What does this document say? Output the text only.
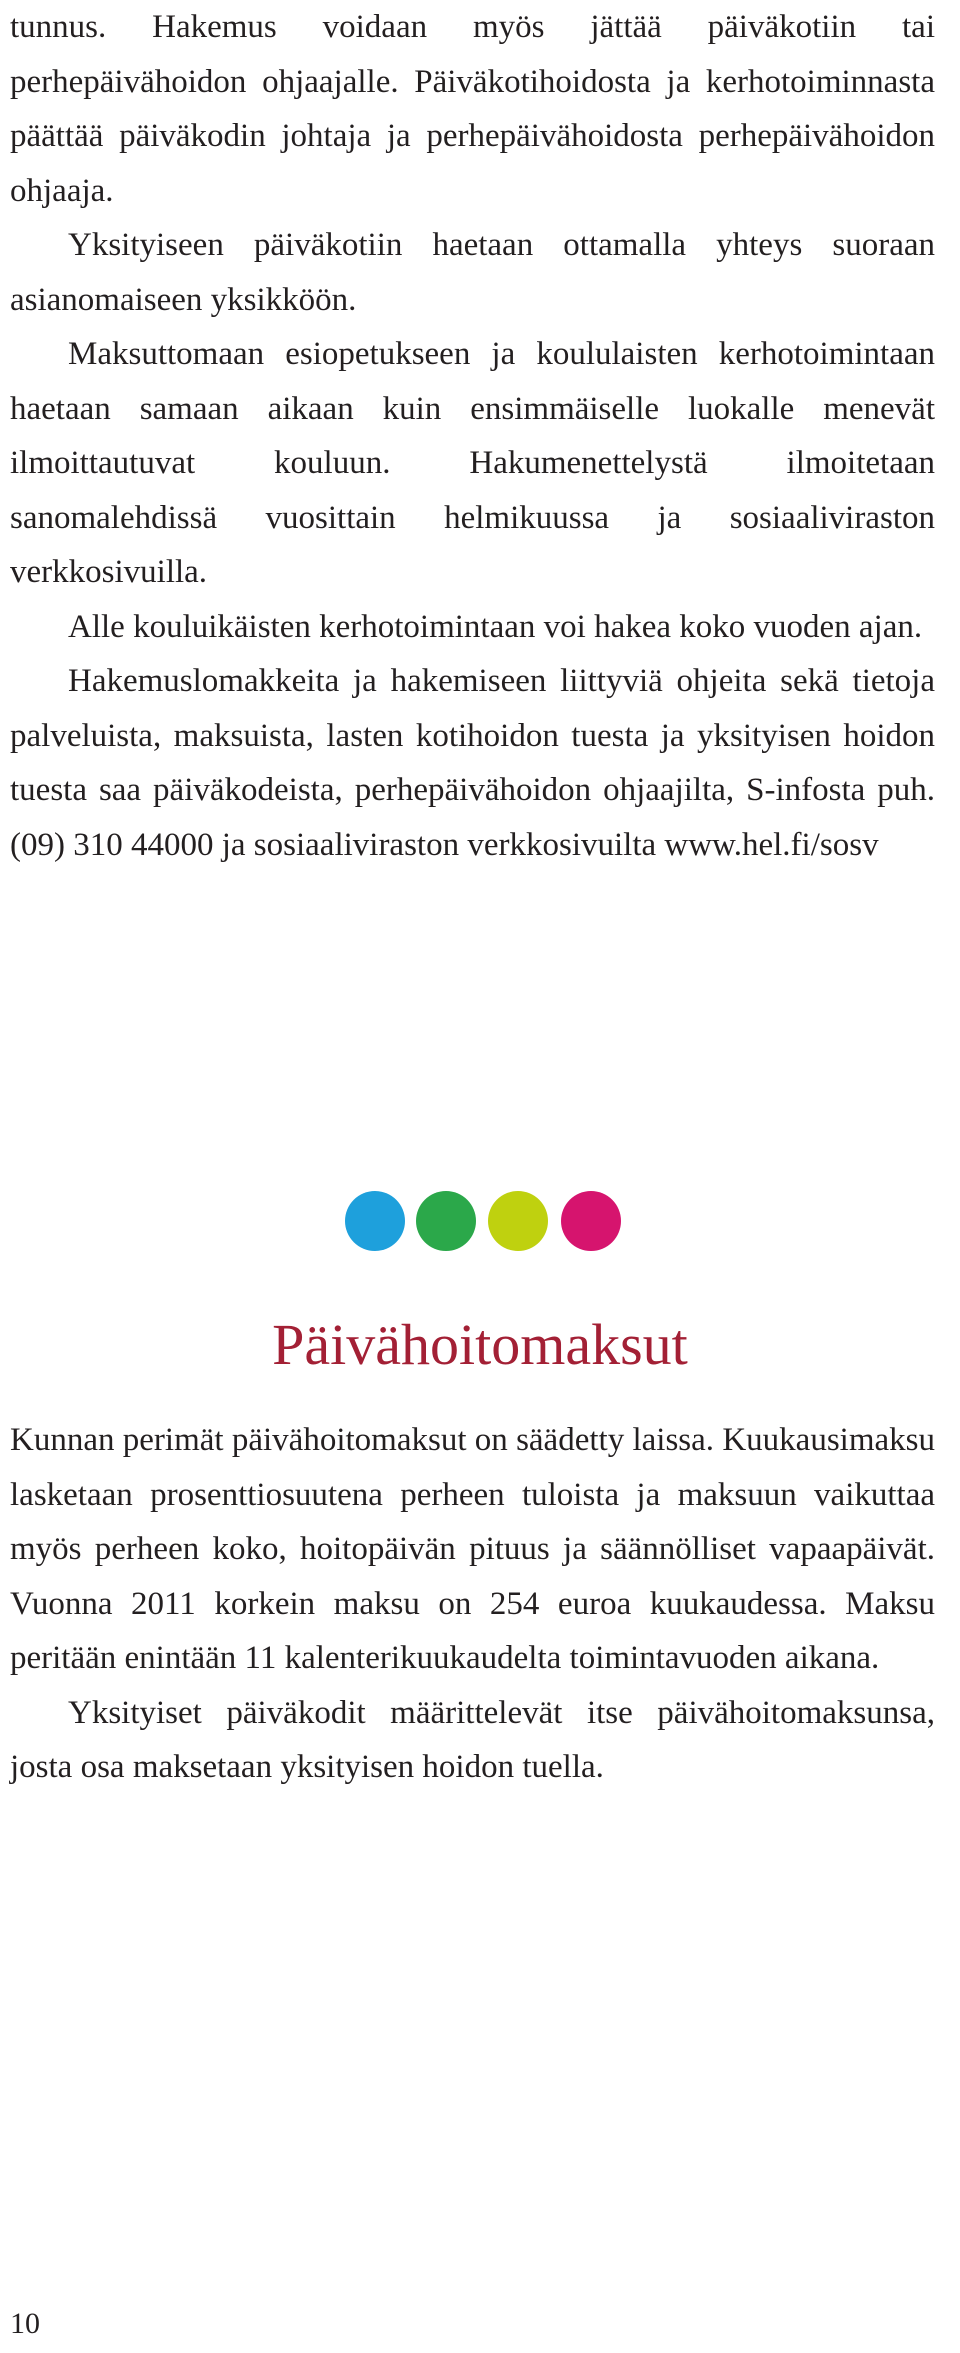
tunnus. Hakemus voidaan myös jättää päiväkotiin tai perhepäivähoidon ohjaajalle. Päiväkotihoidosta ja kerhotoiminnasta päättää päiväkodin johtaja ja perhepäivähoidosta perhepäivähoidon ohjaaja.

Yksityiseen päiväkotiin haetaan ottamalla yhteys suoraan asianomaiseen yksikköön.

Maksuttomaan esiopetukseen ja koululaisten kerhotoimintaan haetaan samaan aikaan kuin ensimmäiselle luokalle menevät ilmoittautuvat kouluun. Hakumenettelystä ilmoitetaan sanomalehdissä vuosittain helmikuussa ja sosiaaliviraston verkkosivuilla.

Alle kouluikäisten kerhotoimintaan voi hakea koko vuoden ajan.

Hakemuslomakkeita ja hakemiseen liittyviä ohjeita sekä tietoja palveluista, maksuista, lasten kotihoidon tuesta ja yksityisen hoidon tuesta saa päiväkodeista, perhepäivähoidon ohjaajilta, S-infosta puh. (09) 310 44000 ja sosiaaliviraston verkkosivuilta www.​hel.fi/sosv

Päivähoitomaksut

Kunnan perimät päivähoitomaksut on säädetty laissa. Kuukausimaksu lasketaan prosenttiosuutena perheen tuloista ja maksuun vaikuttaa myös perheen koko, hoitopäivän pituus ja säännölliset vapaapäivät. Vuonna 2011 korkein maksu on 254 euroa kuukaudessa. Maksu peritään enintään 11 kalenterikuukaudelta toimintavuoden aikana.

Yksityiset päiväkodit määrittelevät itse päivähoitomaksunsa, josta osa maksetaan yksityisen hoidon tuella.

10
